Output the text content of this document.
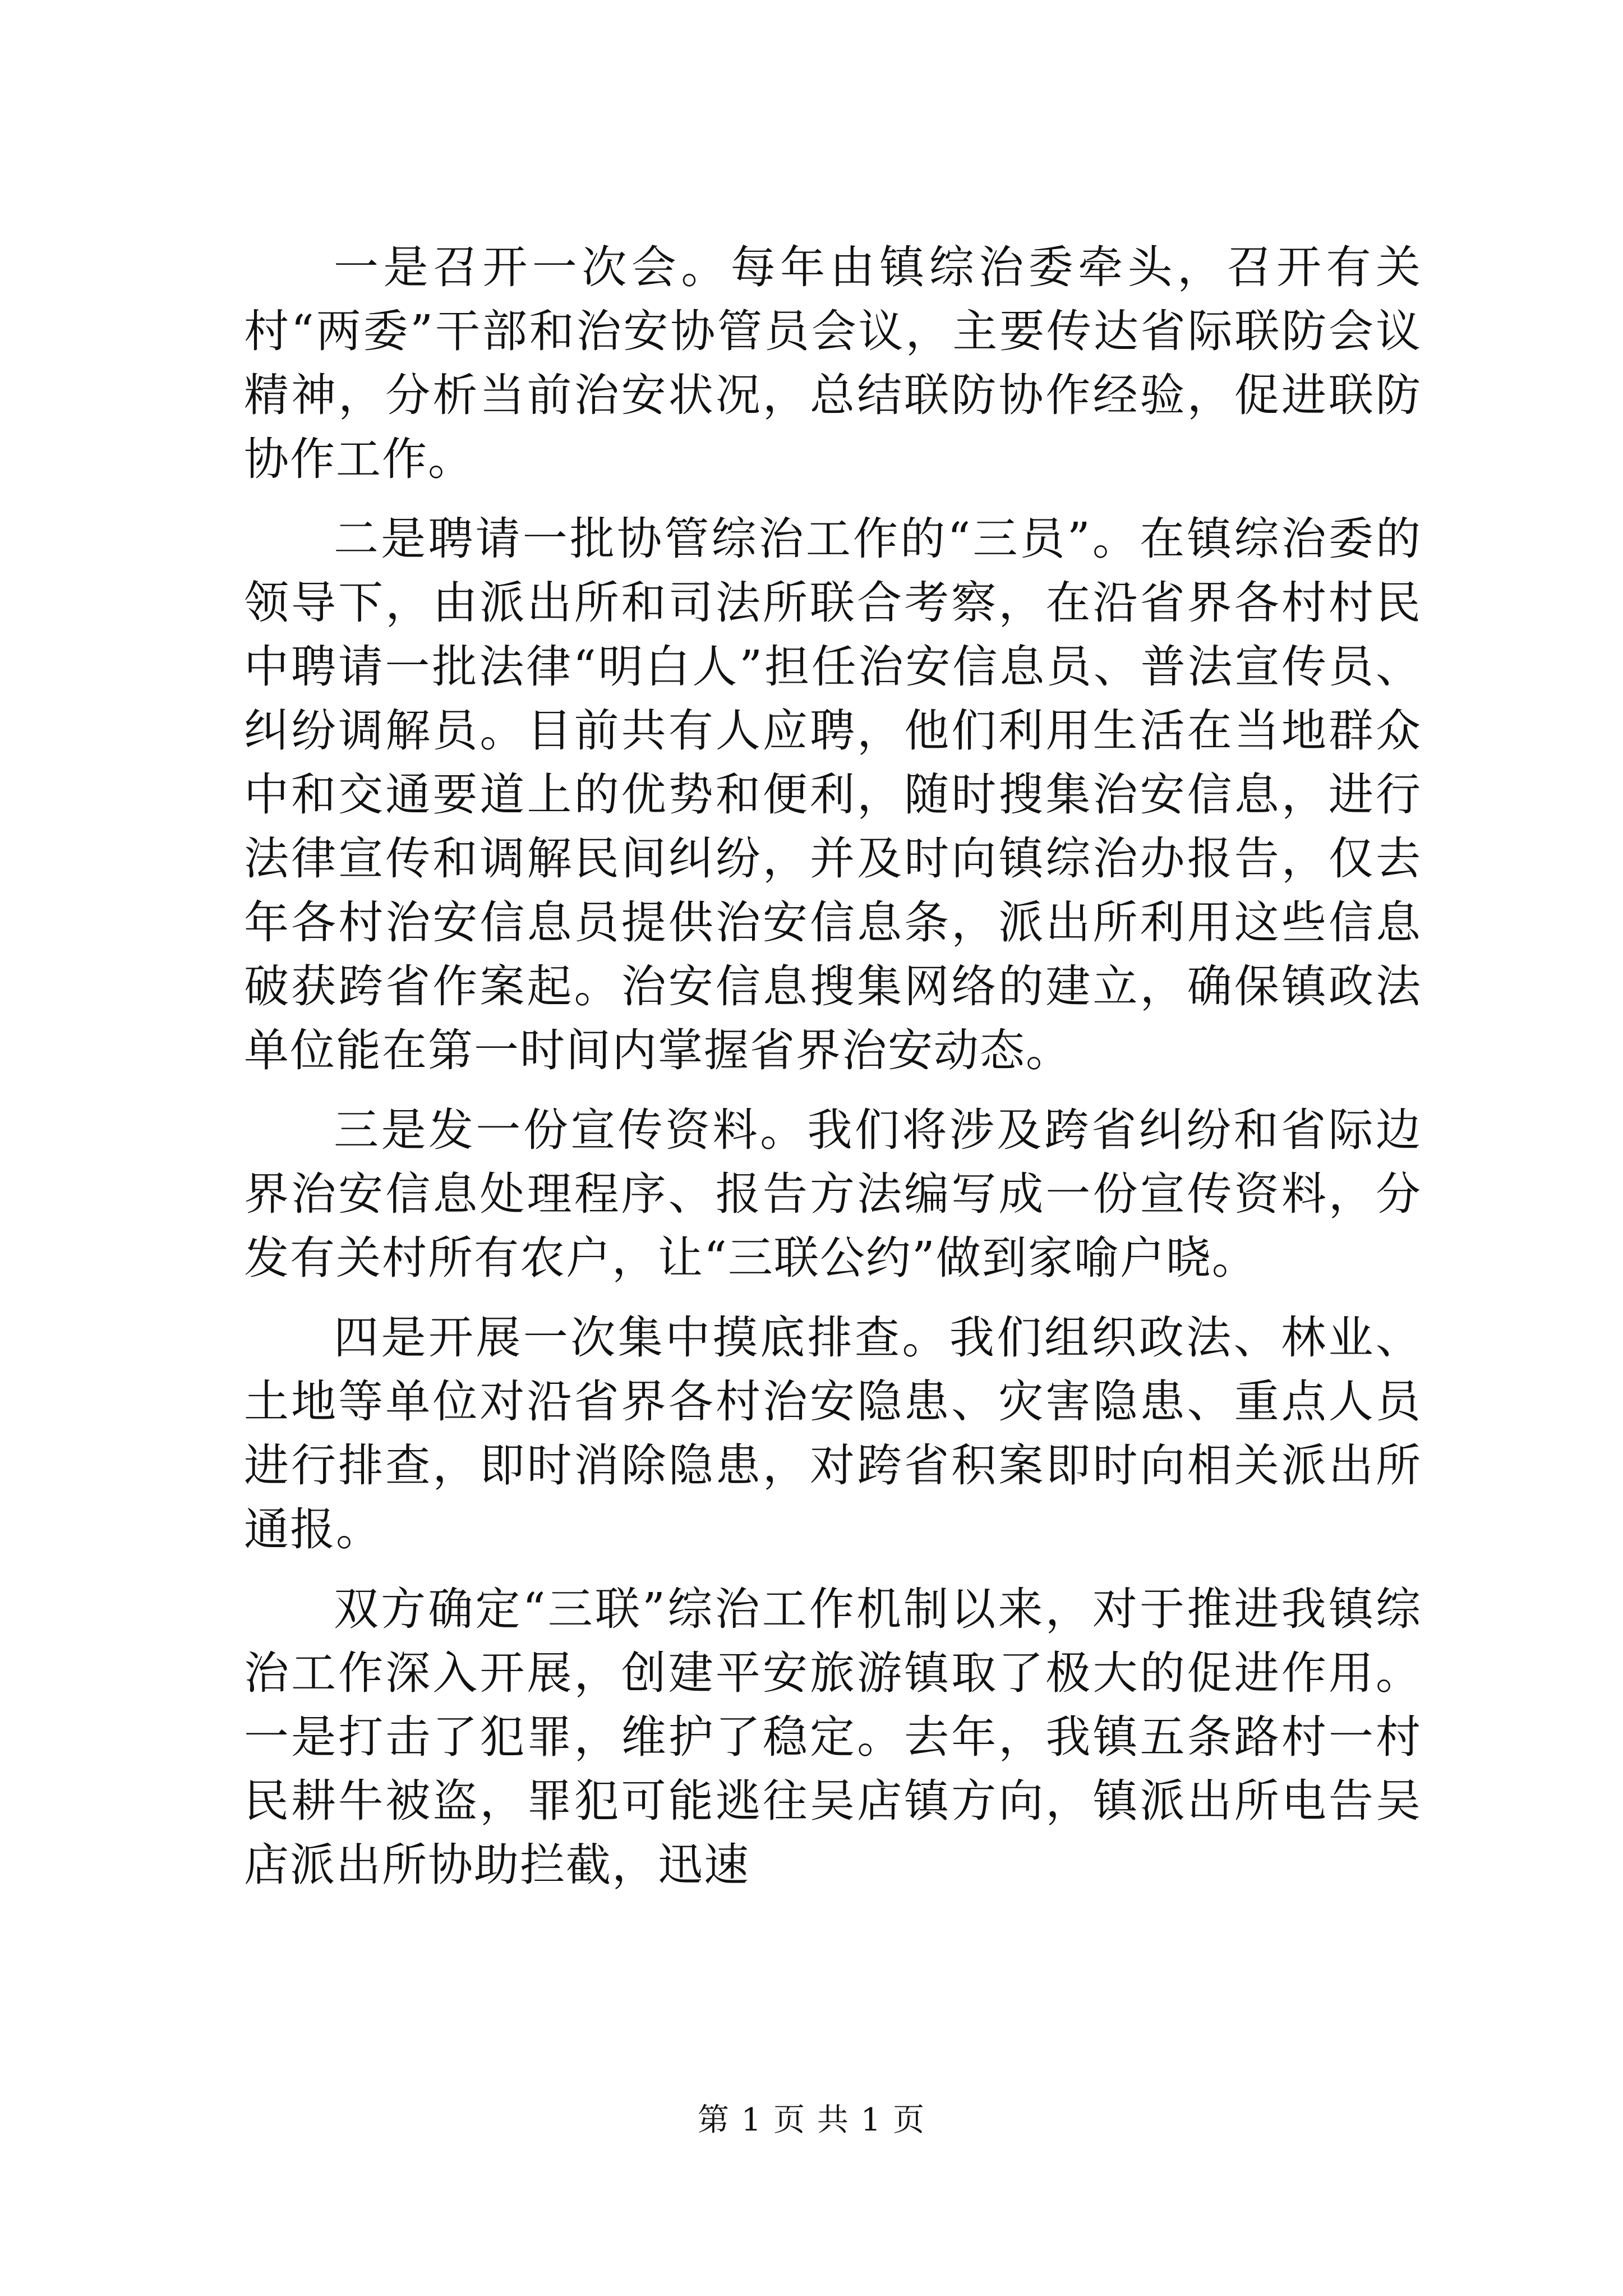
一是召开一次会。每年由镇综治委牵头，召开有关村“两委”干部和治安协管员会议，主要传达省际联防会议精神，分析当前治安状况，总结联防协作经验，促进联防协作工作。

二是聘请一批协管综治工作的“三员”。在镇综治委的领导下，由派出所和司法所联合考察，在沿省界各村村民中聘请一批法律“明白人”担任治安信息员、普法宣传员、纠纷调解员。目前共有人应聘，他们利用生活在当地群众中和交通要道上的优势和便利，随时搜集治安信息，进行法律宣传和调解民间纠纷，并及时向镇综治办报告，仅去年各村治安信息员提供治安信息条，派出所利用这些信息破获跨省作案起。治安信息搜集网络的建立，确保镇政法单位能在第一时间内掌握省界治安动态。

三是发一份宣传资料。我们将涉及跨省纠纷和省际边界治安信息处理程序、报告方法编写成一份宣传资料，分发有关村所有农户，让“三联公约”做到家喻户晓。

四是开展一次集中摸底排查。我们组织政法、林业、土地等单位对沿省界各村治安隐患、灾害隐患、重点人员进行排查，即时消除隐患，对跨省积案即时向相关派出所通报。

双方确定“三联”综治工作机制以来，对于推进我镇综治工作深入开展，创建平安旅游镇取了极大的促进作用。一是打击了犯罪，维护了稳定。去年，我镇五条路村一村民耕牛被盗，罪犯可能逃往吴店镇方向，镇派出所电告吴店派出所协助拦截，迅速

第 1 页 共 1 页
